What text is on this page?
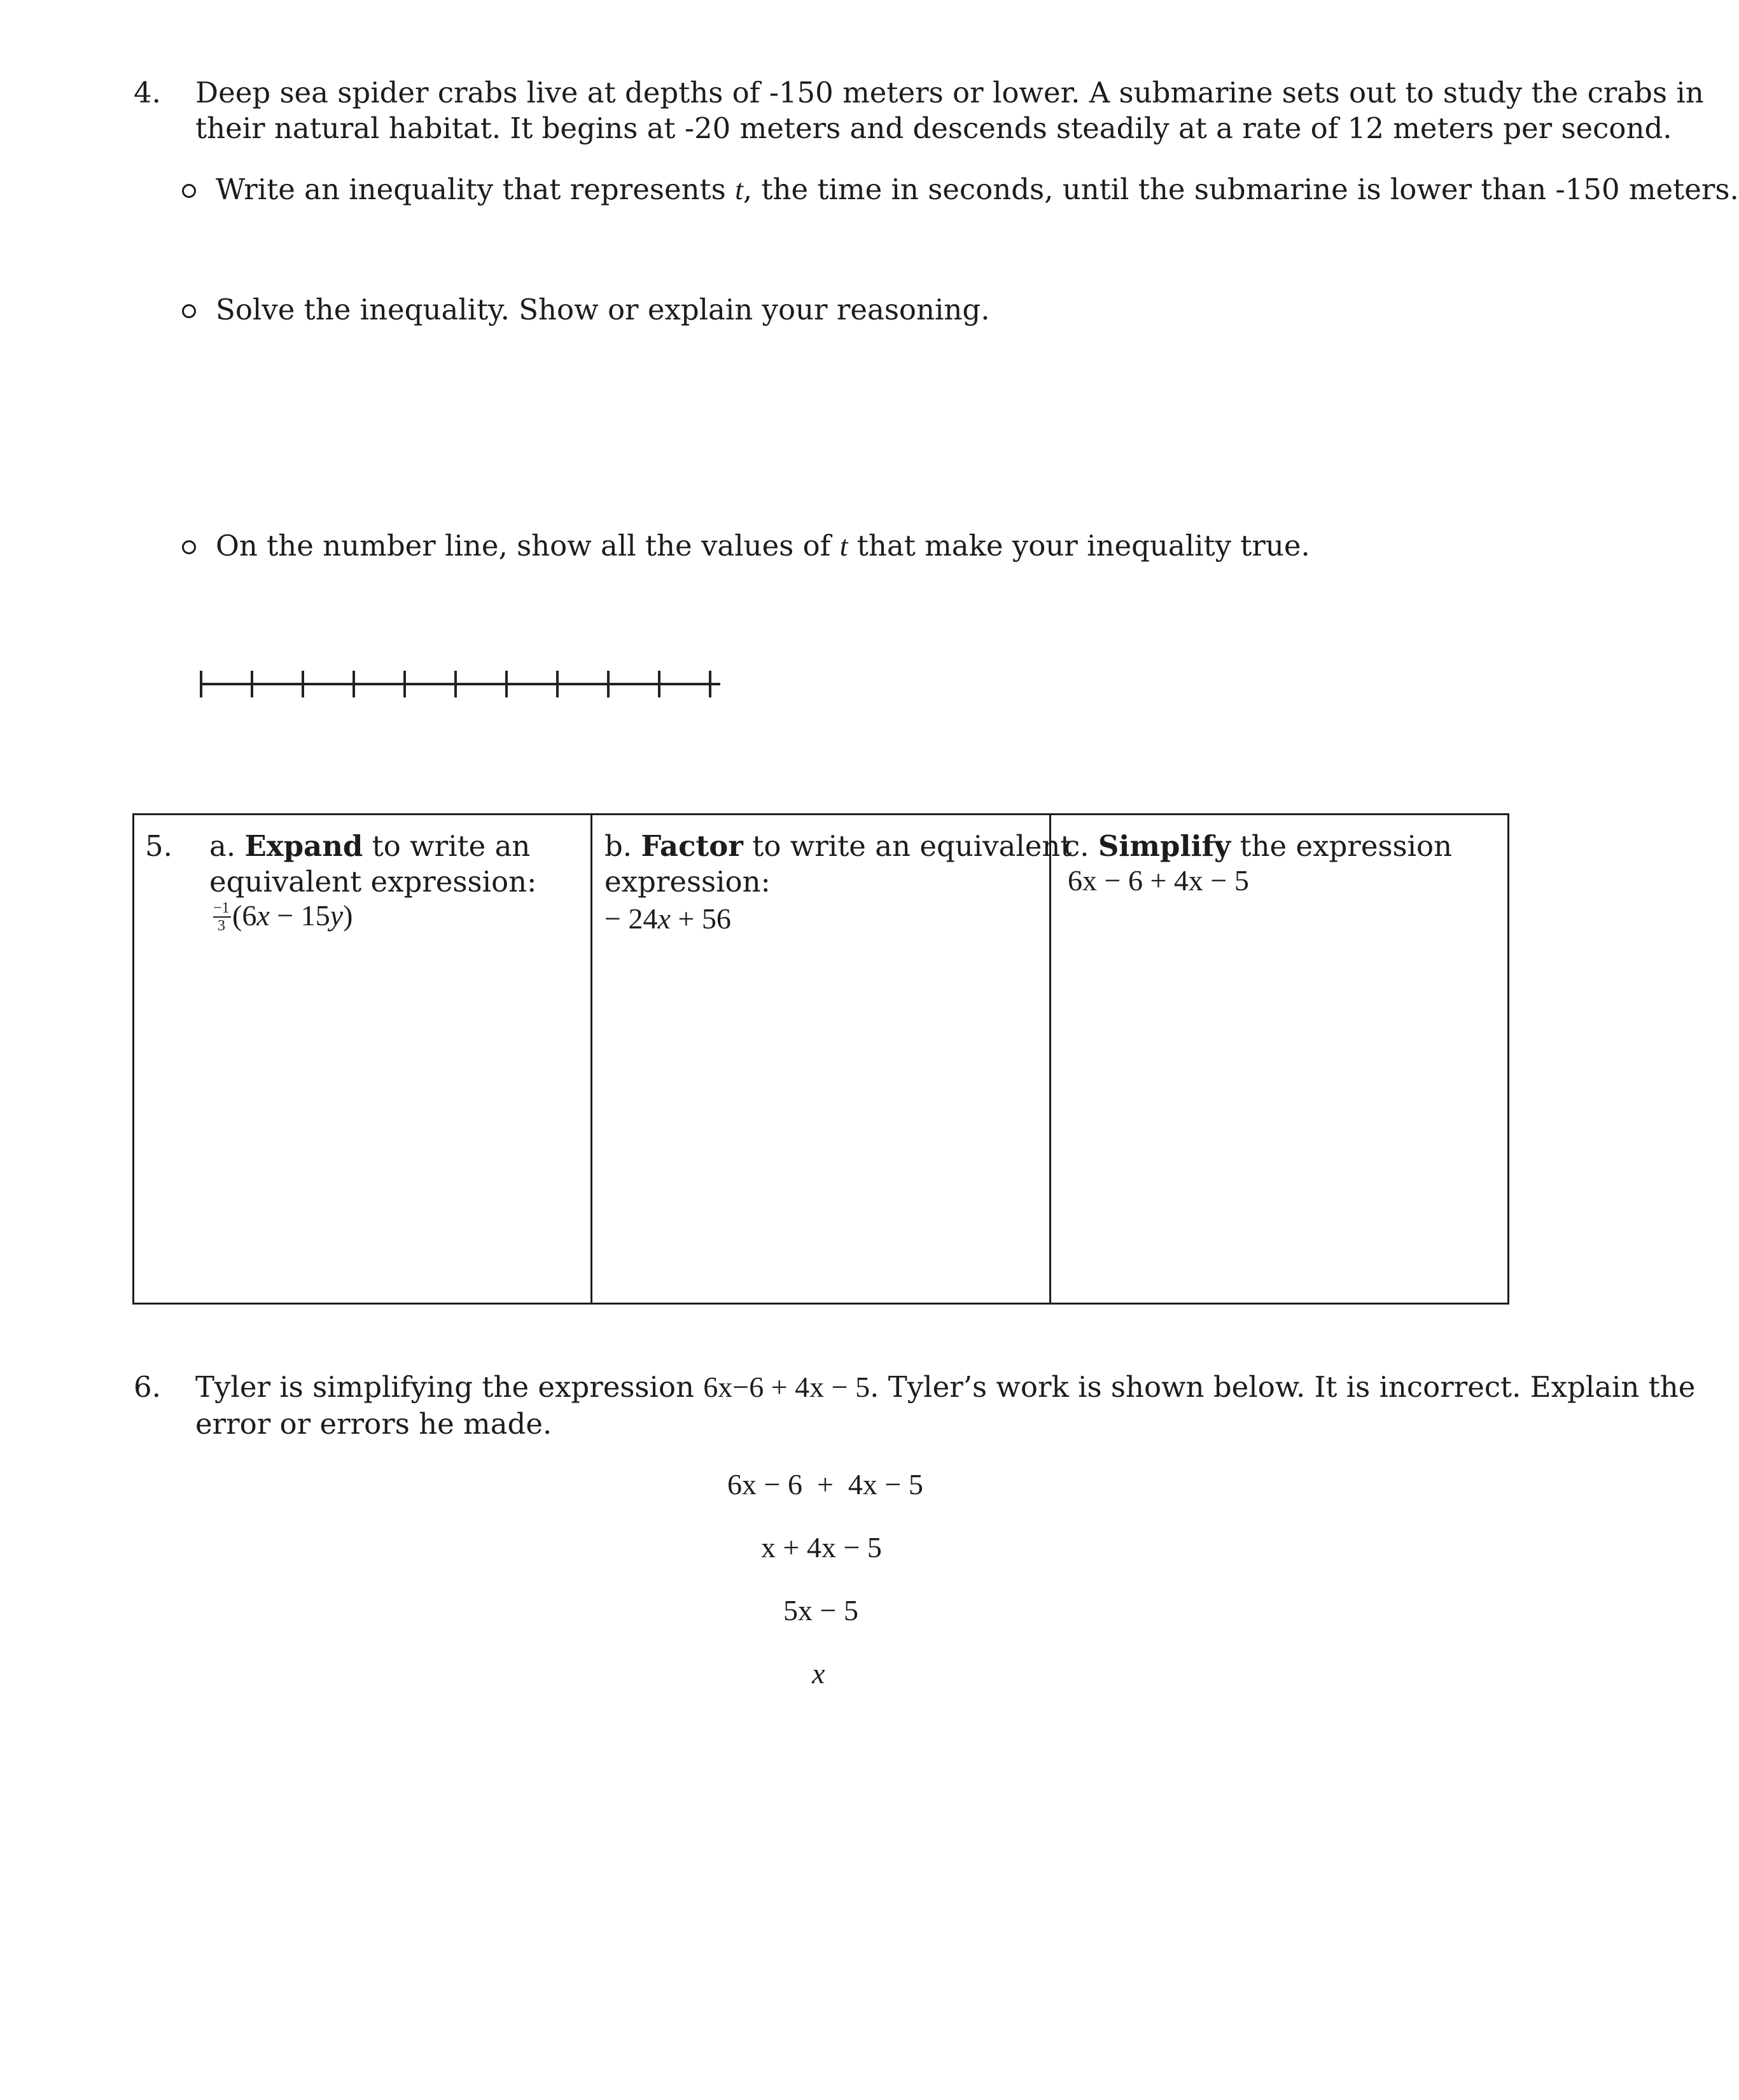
4. Deep sea spider crabs live at depths of -150 meters or lower. A submarine sets out to study the crabs in
their natural habitat. It begins at -20 meters and descends steadily at a rate of 12 meters per second.
Write an inequality that represents t, the time in seconds, until the submarine is lower than -150 meters.
Solve the inequality. Show or explain your reasoning.
On the number line, show all the values of t that make your inequality true.
5. a. Expand to write an
equivalent expression:
−1
3 (6x − 15y)
b. Factor to write an equivalent
expression:
− 24x + 56
c. Simplify the expression
6x − 6 + 4x − 5
6. Tyler is simplifying the expression 6x−6 + 4x − 5. Tyler’s work is shown below. It is incorrect. Explain the
error or errors he made.
6x − 6  +  4x − 5
x + 4x − 5
5x − 5
x
